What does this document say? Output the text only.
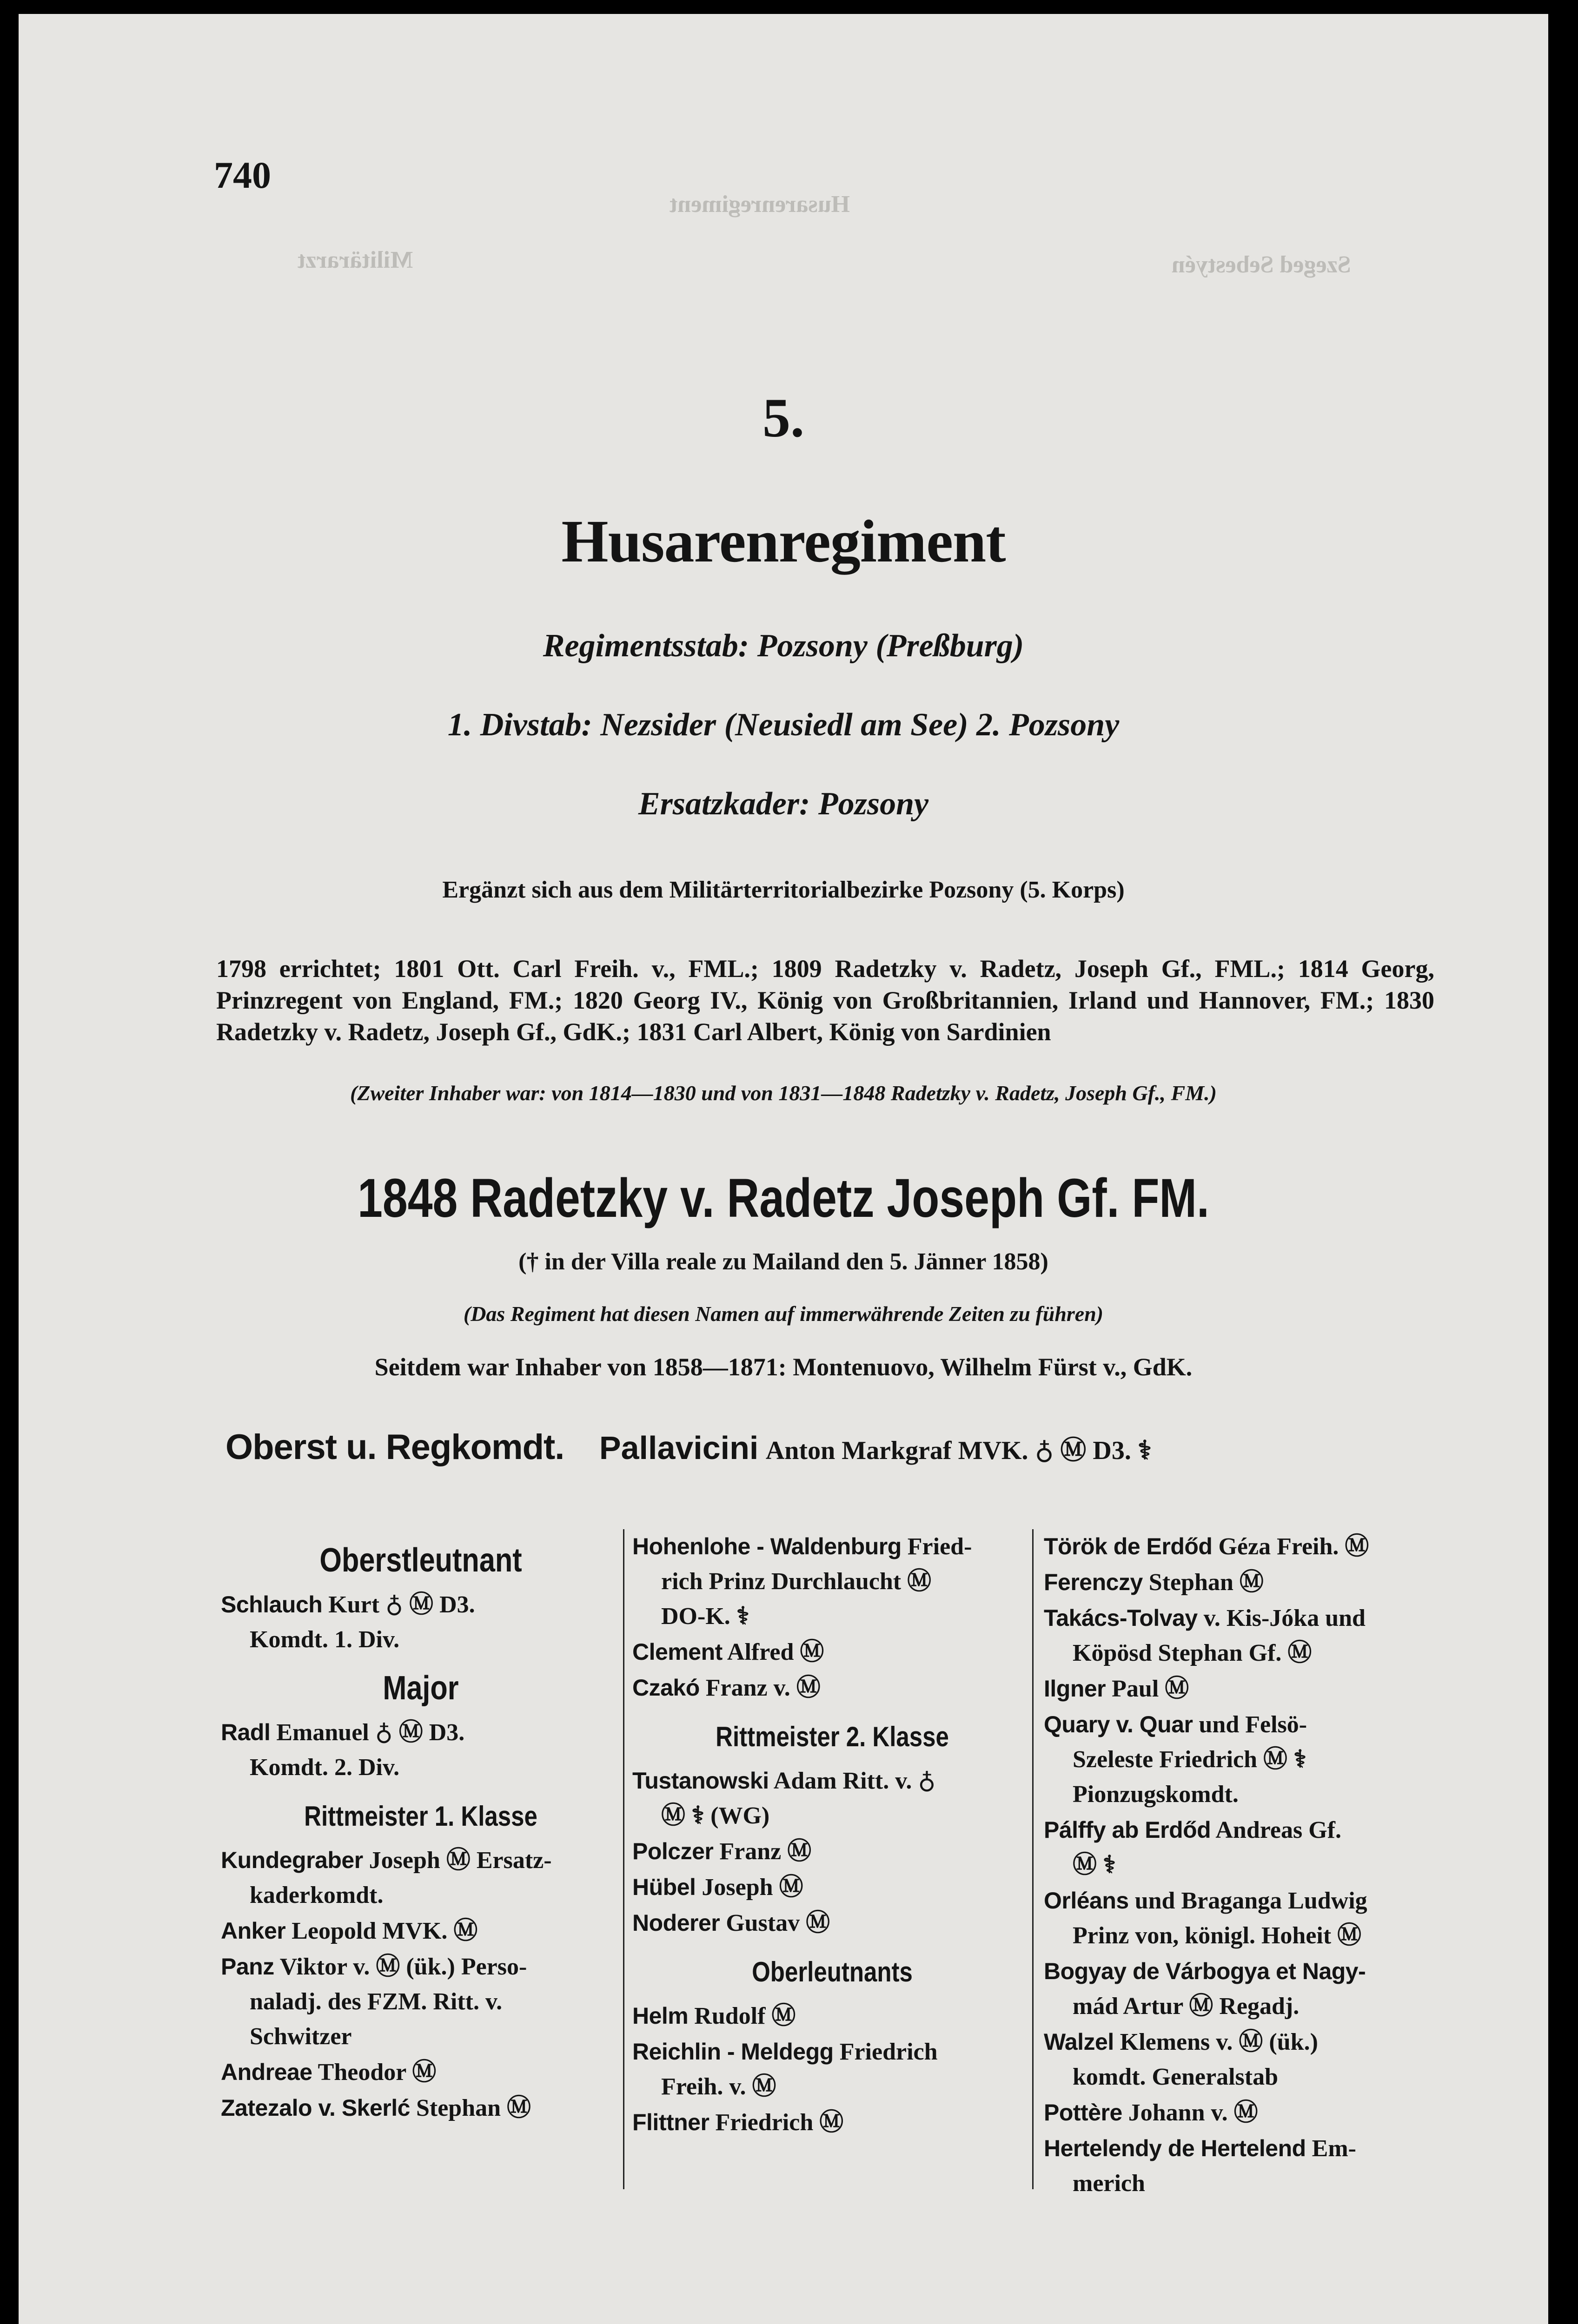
Husarenregiment
Szeged Sebestyén
Militärarzt
740
5.
Husarenregiment
Regimentsstab: Pozsony (Preßburg)
1. Divstab: Nezsider (Neusiedl am See) 2. Pozsony
Ersatzkader: Pozsony
Ergänzt sich aus dem Militärterritorialbezirke Pozsony (5. Korps)
1798 errichtet; 1801 Ott. Carl Freih. v., FML.; 1809 Radetzky v. Radetz, Joseph Gf., FML.; 1814 Georg, Prinzregent von England, FM.; 1820 Georg IV., König von Großbritannien, Irland und Hannover, FM.; 1830 Radetzky v. Radetz, Joseph Gf., GdK.; 1831 Carl Albert, König von Sardinien
(Zweiter Inhaber war: von 1814—1830 und von 1831—1848 Radetzky v. Radetz, Joseph Gf., FM.)
1848 Radetzky v. Radetz Joseph Gf. FM.
(† in der Villa reale zu Mailand den 5. Jänner 1858)
(Das Regiment hat diesen Namen auf immerwährende Zeiten zu führen)
Seitdem war Inhaber von 1858—1871: Montenuovo, Wilhelm Fürst v., GdK.
Oberst u. Regkomdt. Pallavicini Anton Markgraf MVK. ♁ Ⓜ D3. ⚕
Oberstleutnant
Schlauch Kurt ♁ Ⓜ D3.
Komdt. 1. Div.
Major
Radl Emanuel ♁ Ⓜ D3.
Komdt. 2. Div.
Rittmeister 1. Klasse
Kundegraber Joseph Ⓜ Ersatz-
kaderkomdt.
Anker Leopold MVK. Ⓜ
Panz Viktor v. Ⓜ (ük.) Perso-
naladj. des FZM. Ritt. v.
Schwitzer
Andreae Theodor Ⓜ
Zatezalo v. Skerlć Stephan Ⓜ
Hohenlohe - Waldenburg Fried-
rich Prinz Durchlaucht Ⓜ
DO-K. ⚕
Clement Alfred Ⓜ
Czakó Franz v. Ⓜ
Rittmeister 2. Klasse
Tustanowski Adam Ritt. v. ♁
Ⓜ ⚕ (WG)
Polczer Franz Ⓜ
Hübel Joseph Ⓜ
Noderer Gustav Ⓜ
Oberleutnants
Helm Rudolf Ⓜ
Reichlin - Meldegg Friedrich
Freih. v. Ⓜ
Flittner Friedrich Ⓜ
Török de Erdőd Géza Freih. Ⓜ
Ferenczy Stephan Ⓜ
Takács-Tolvay v. Kis-Jóka und
Köpösd Stephan Gf. Ⓜ
Ilgner Paul Ⓜ
Quary v. Quar und Felsö-
Szeleste Friedrich Ⓜ ⚕
Pionzugskomdt.
Pálffy ab Erdőd Andreas Gf.
Ⓜ ⚕
Orléans und Braganga Ludwig
Prinz von, königl. Hoheit Ⓜ
Bogyay de Várbogya et Nagy-
mád Artur Ⓜ Regadj.
Walzel Klemens v. Ⓜ (ük.)
komdt. Generalstab
Pottère Johann v. Ⓜ
Hertelendy de Hertelend Em-
merich
